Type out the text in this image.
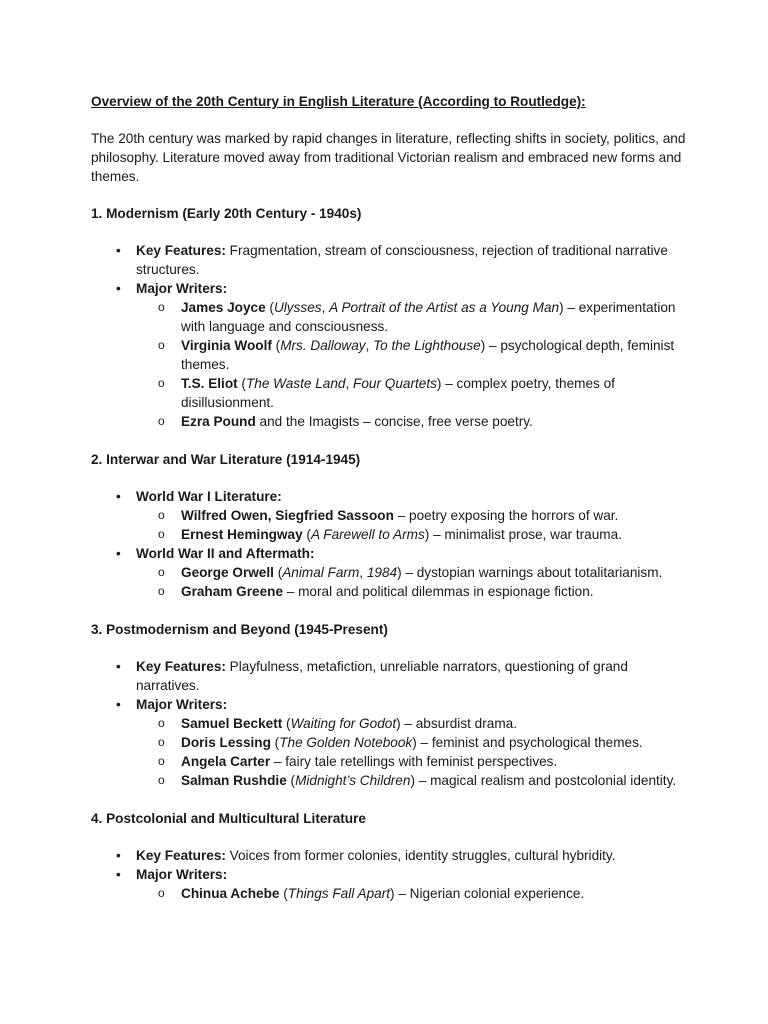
Overview of the 20th Century in English Literature (According to Routledge):

The 20th century was marked by rapid changes in literature, reflecting shifts in society, politics, and philosophy. Literature moved away from traditional Victorian realism and embraced new forms and themes.
1. Modernism (Early 20th Century - 1940s)
• Key Features: Fragmentation, stream of consciousness, rejection of traditional narrative structures.
• Major Writers:
o James Joyce (Ulysses, A Portrait of the Artist as a Young Man) – experimentation with language and consciousness.
o Virginia Woolf (Mrs. Dalloway, To the Lighthouse) – psychological depth, feminist themes.
o T.S. Eliot (The Waste Land, Four Quartets) – complex poetry, themes of disillusionment.
o Ezra Pound and the Imagists – concise, free verse poetry.
2. Interwar and War Literature (1914-1945)
• World War I Literature:
o Wilfred Owen, Siegfried Sassoon – poetry exposing the horrors of war.
o Ernest Hemingway (A Farewell to Arms) – minimalist prose, war trauma.
• World War II and Aftermath:
o George Orwell (Animal Farm, 1984) – dystopian warnings about totalitarianism.
o Graham Greene – moral and political dilemmas in espionage fiction.
3. Postmodernism and Beyond (1945-Present)
• Key Features: Playfulness, metafiction, unreliable narrators, questioning of grand narratives.
• Major Writers:
o Samuel Beckett (Waiting for Godot) – absurdist drama.
o Doris Lessing (The Golden Notebook) – feminist and psychological themes.
o Angela Carter – fairy tale retellings with feminist perspectives.
o Salman Rushdie (Midnight’s Children) – magical realism and postcolonial identity.
4. Postcolonial and Multicultural Literature
• Key Features: Voices from former colonies, identity struggles, cultural hybridity.
• Major Writers:
o Chinua Achebe (Things Fall Apart) – Nigerian colonial experience.
